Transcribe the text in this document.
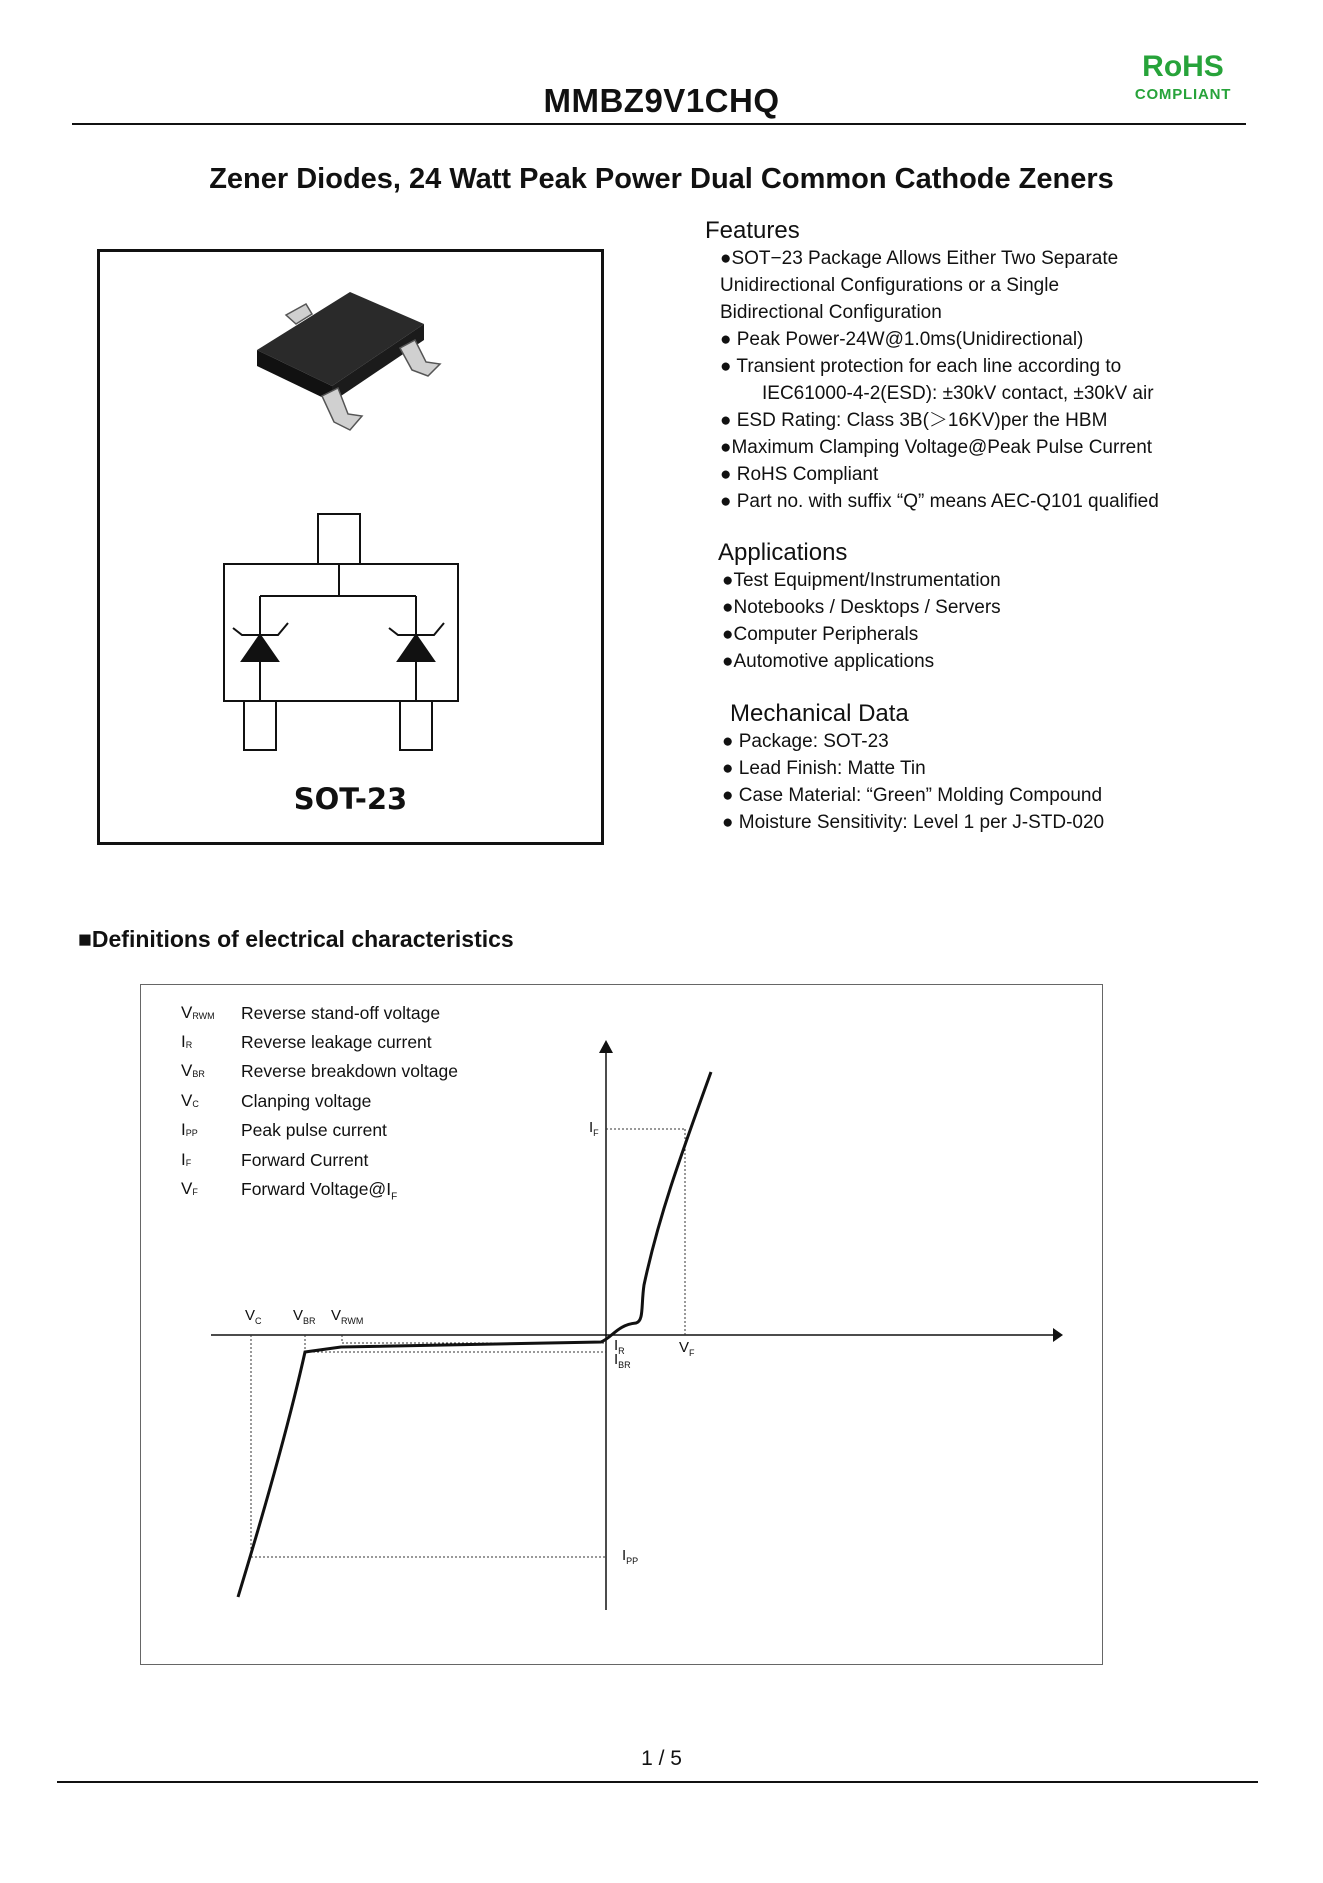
MMBZ9V1CHQ
RoHS
COMPLIANT
Zener Diodes, 24 Watt Peak Power Dual Common Cathode Zeners
SOT-23
Features
●SOT−23 Package Allows Either Two Separate
Unidirectional Configurations or a Single
Bidirectional Configuration
● Peak Power-24W@1.0ms(Unidirectional)
● Transient protection for each line according to
IEC61000-4-2(ESD): ±30kV contact, ±30kV air
● ESD Rating: Class 3B(＞16KV)per the HBM
●Maximum Clamping Voltage@Peak Pulse Current
● RoHS Compliant
● Part no. with suffix “Q” means AEC-Q101 qualified
Applications
●Test Equipment/Instrumentation
●Notebooks / Desktops / Servers
●Computer Peripherals
●Automotive applications
Mechanical Data
● Package: SOT-23
● Lead Finish: Matte Tin
● Case Material: “Green” Molding Compound
● Moisture Sensitivity: Level 1 per J-STD-020
■Definitions of electrical characteristics
$V_{RWM}$	Reverse stand-off voltage
$I_R$	Reverse leakage current
$V_{BR}$	Reverse breakdown voltage
$V_C$	Clanping voltage
$I_{PP}$	Peak pulse current
$I_F$	Forward Current
$V_F$	Forward $Voltage@I_F$
$V_C$ $V_{BR}$ $V_{RWM}$
$I_F$
$I_R$
$I_{BR}$
$V_F$
$I_{PP}$
1 / 5
